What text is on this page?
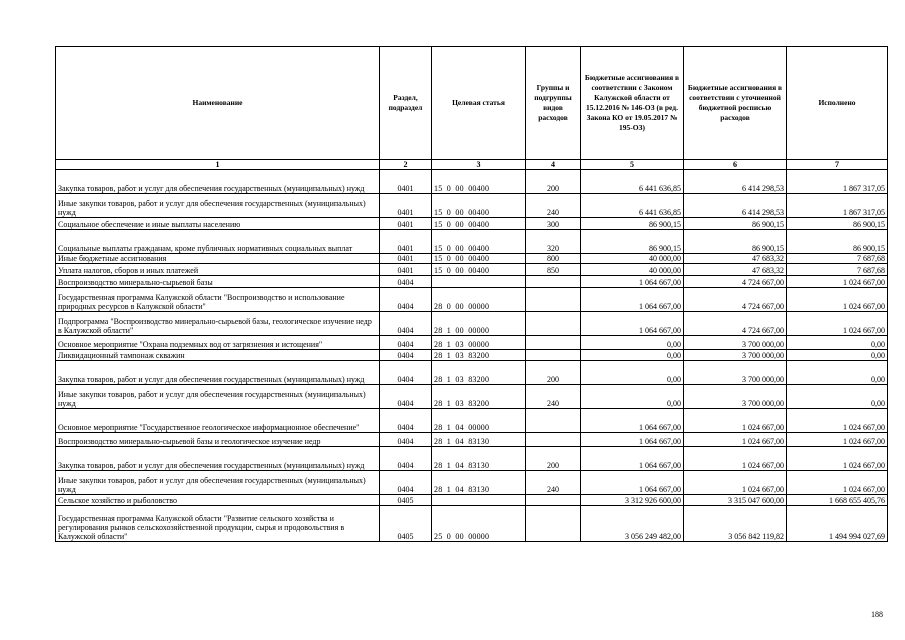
Наименование	Раздел, подраздел	Целевая статья	Группы и подгруппы видов расходов	Бюджетные ассигнования в соответствии с Законом Калужской области от 15.12.2016 № 146-ОЗ (в ред. Закона КО от 19.05.2017 № 195-ОЗ)	Бюджетные ассигнования в соответствии с уточненной бюджетной росписью расходов	Исполнено
1	2	3	4	5	6	7
Закупка товаров, работ и услуг для обеспечения государственных (муниципальных) нужд	0401	15  0  00  00400	200	6 441 636,85	6 414 298,53	1 867 317,05
Иные закупки товаров, работ и услуг для обеспечения государственных (муниципальных) нужд	0401	15  0  00  00400	240	6 441 636,85	6 414 298,53	1 867 317,05
Социальное обеспечение и иные выплаты населению	0401	15  0  00  00400	300	86 900,15	86 900,15	86 900,15
Социальные выплаты гражданам, кроме публичных нормативных социальных выплат	0401	15  0  00  00400	320	86 900,15	86 900,15	86 900,15
Иные бюджетные ассигнования	0401	15  0  00  00400	800	40 000,00	47 683,32	7 687,68
Уплата налогов, сборов и иных платежей	0401	15  0  00  00400	850	40 000,00	47 683,32	7 687,68
Воспроизводство минерально-сырьевой базы	0404			1 064 667,00	4 724 667,00	1 024 667,00
Государственная программа Калужской области "Воспроизводство и использование природных ресурсов в Калужской области"	0404	28  0  00  00000		1 064 667,00	4 724 667,00	1 024 667,00
Подпрограмма "Воспроизводство минерально-сырьевой базы, геологическое изучение недр в Калужской области"	0404	28  1  00  00000		1 064 667,00	4 724 667,00	1 024 667,00
Основное мероприятие "Охрана подземных вод от загрязнения и истощения"	0404	28  1  03  00000		0,00	3 700 000,00	0,00
Ликвидационный тампонаж скважин	0404	28  1  03  83200		0,00	3 700 000,00	0,00
Закупка товаров, работ и услуг для обеспечения государственных (муниципальных) нужд	0404	28  1  03  83200	200	0,00	3 700 000,00	0,00
Иные закупки товаров, работ и услуг для обеспечения государственных (муниципальных) нужд	0404	28  1  03  83200	240	0,00	3 700 000,00	0,00
Основное мероприятие "Государственное геологическое информационное обеспечение"	0404	28  1  04  00000		1 064 667,00	1 024 667,00	1 024 667,00
Воспроизводство минерально-сырьевой базы и геологическое изучение недр	0404	28  1  04  83130		1 064 667,00	1 024 667,00	1 024 667,00
Закупка товаров, работ и услуг для обеспечения государственных (муниципальных) нужд	0404	28  1  04  83130	200	1 064 667,00	1 024 667,00	1 024 667,00
Иные закупки товаров, работ и услуг для обеспечения государственных (муниципальных) нужд	0404	28  1  04  83130	240	1 064 667,00	1 024 667,00	1 024 667,00
Сельское хозяйство и рыболовство	0405			3 312 926 600,00	3 315 047 600,00	1 668 655 405,76
Государственная программа Калужской области "Развитие сельского хозяйства и регулирования рынков сельскохозяйственной продукции, сырья и продовольствия в Калужской области"	0405	25  0  00  00000		3 056 249 482,00	3 056 842 119,82	1 494 994 027,69
188
